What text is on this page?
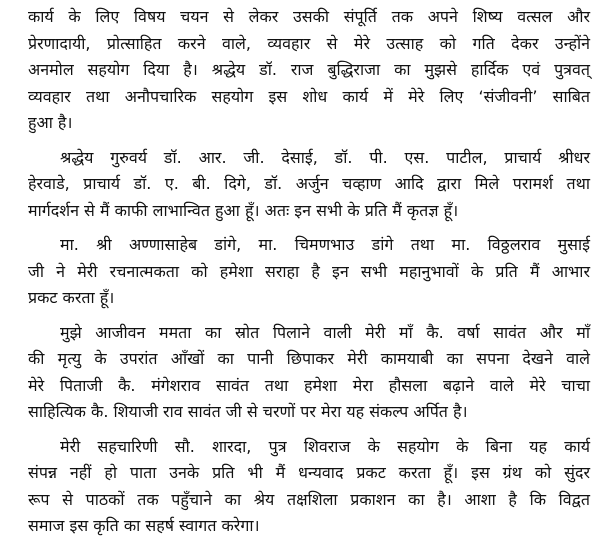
कार्य के लिए विषय चयन से लेकर उसकी संपूर्ति तक अपने शिष्य वत्सल और
प्रेरणादायी, प्रोत्साहित करने वाले, व्यवहार से मेरे उत्साह को गति देकर उन्होंने
अनमोल सहयोग दिया है। श्रद्धेय डॉ. राज बुद्धिराजा का मुझसे हार्दिक एवं पुत्रवत्
व्यवहार तथा अनौपचारिक सहयोग इस शोध कार्य में मेरे लिए ‘संजीवनी’ साबित
हुआ है।
श्रद्धेय गुरुवर्य डॉ. आर. जी. देसाई, डॉ. पी. एस. पाटील, प्राचार्य श्रीधर
हेरवाडे, प्राचार्य डॉ. ए. बी. दिगे, डॉ. अर्जुन चव्हाण आदि द्वारा मिले परामर्श तथा
मार्गदर्शन से मैं काफी लाभान्वित हुआ हूँ। अतः इन सभी के प्रति मैं कृतज्ञ हूँ।
मा. श्री अण्णासाहेब डांगे, मा. चिमणभाउ डांगे तथा मा. विठ्ठलराव मुसाई
जी ने मेरी रचनात्मकता को हमेशा सराहा है इन सभी महानुभावों के प्रति मैं आभार
प्रकट करता हूँ।
मुझे आजीवन ममता का स्रोत पिलाने वाली मेरी माँ कै. वर्षा सावंत और माँ
की मृत्यु के उपरांत आँखों का पानी छिपाकर मेरी कामयाबी का सपना देखने वाले
मेरे पिताजी कै. मंगेशराव सावंत तथा हमेशा मेरा हौसला बढ़ाने वाले मेरे चाचा
साहित्यिक कै. शियाजी राव सावंत जी से चरणों पर मेरा यह संकल्प अर्पित है।
मेरी सहचारिणी सौ. शारदा, पुत्र शिवराज के सहयोग के बिना यह कार्य
संपन्न नहीं हो पाता उनके प्रति भी मैं धन्यवाद प्रकट करता हूँ। इस ग्रंथ को सुंदर
रूप से पाठकों तक पहुँचाने का श्रेय तक्षशिला प्रकाशन का है। आशा है कि विद्वत
समाज इस कृति का सहर्ष स्वागत करेगा।
